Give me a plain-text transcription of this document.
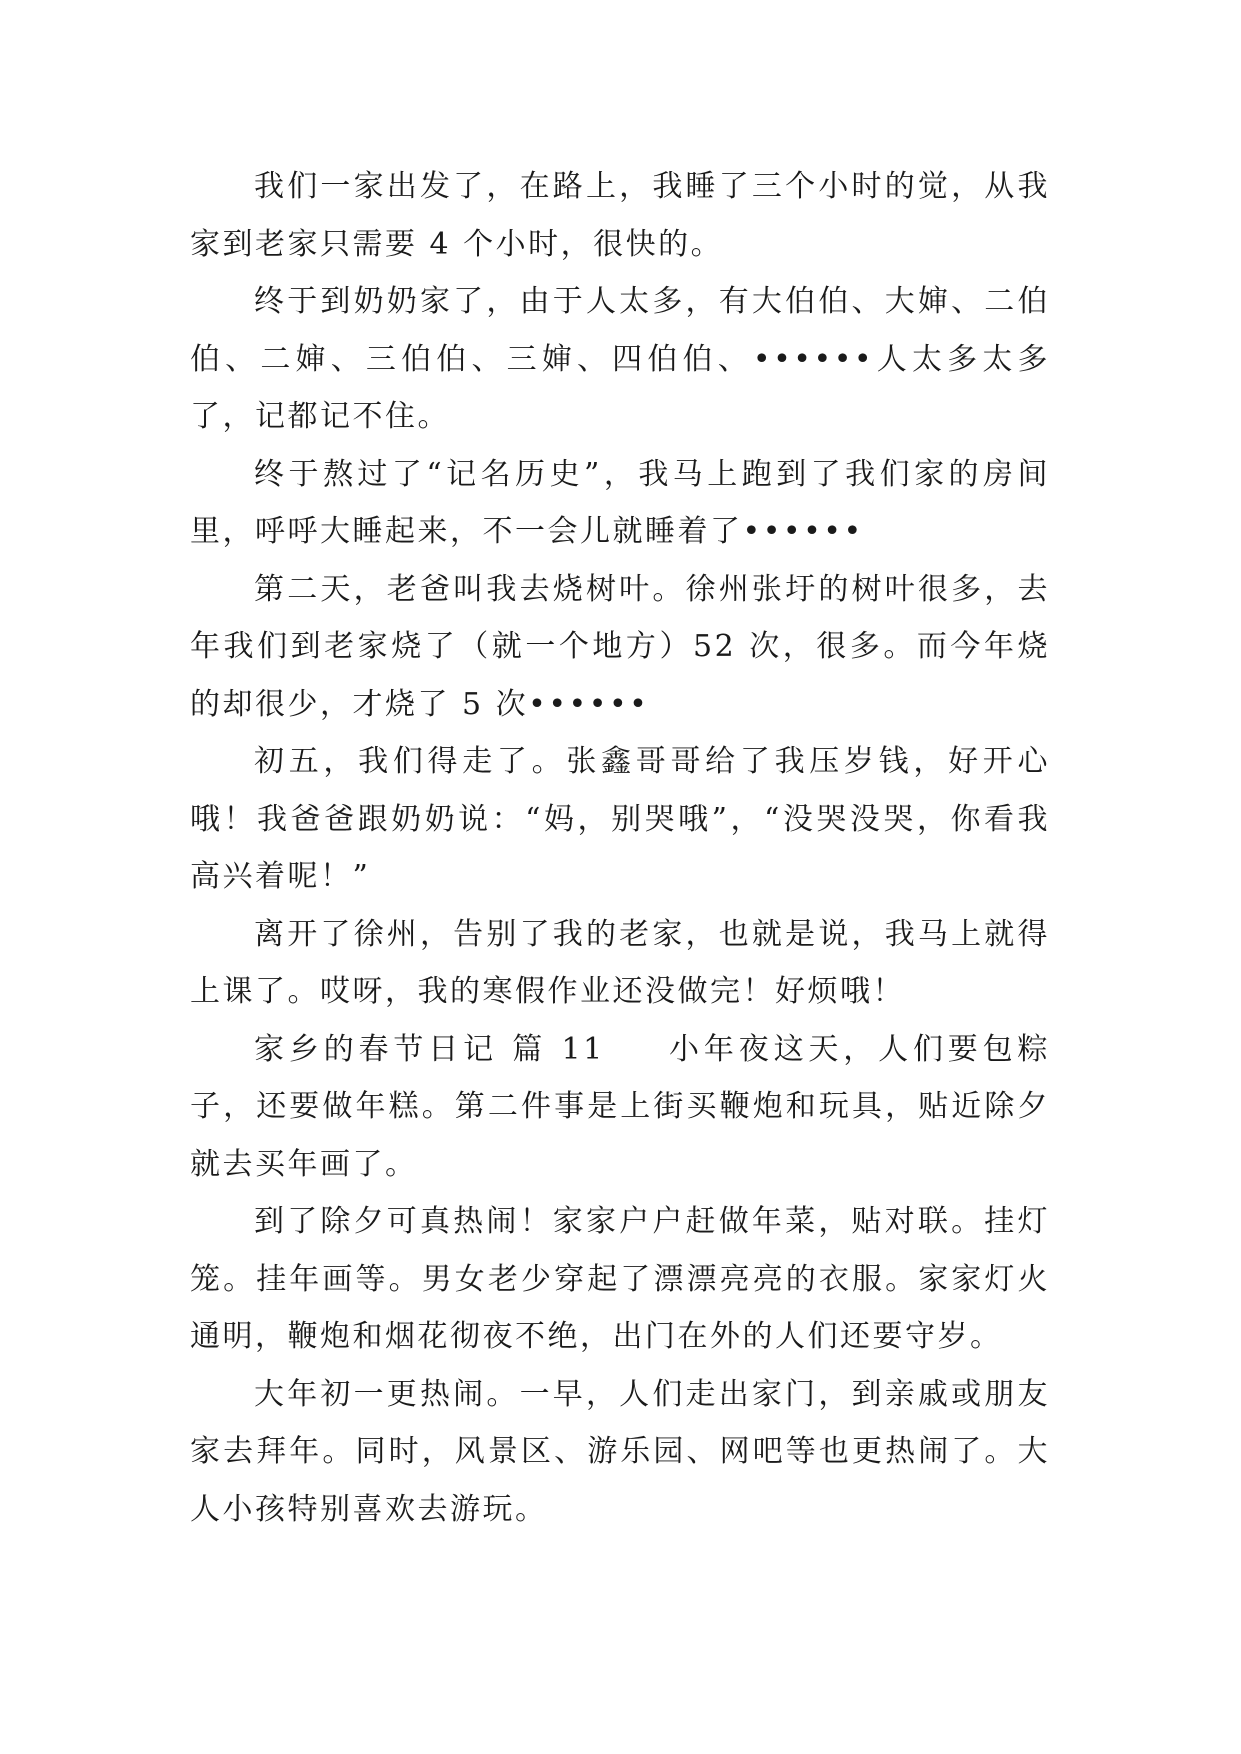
我们一家出发了，在路上，我睡了三个小时的觉，从我家到老家只需要 4 个小时，很快的。

终于到奶奶家了，由于人太多，有大伯伯、大婶、二伯伯、二婶、三伯伯、三婶、四伯伯、••••••人太多太多了，记都记不住。

终于熬过了“记名历史”，我马上跑到了我们家的房间里，呼呼大睡起来，不一会儿就睡着了••••••

第二天，老爸叫我去烧树叶。徐州张圩的树叶很多，去年我们到老家烧了（就一个地方）52 次，很多。而今年烧的却很少，才烧了 5 次••••••

初五，我们得走了。张鑫哥哥给了我压岁钱，好开心哦！我爸爸跟奶奶说：“妈，别哭哦”，“没哭没哭，你看我高兴着呢！”

离开了徐州，告别了我的老家，也就是说，我马上就得上课了。哎呀，我的寒假作业还没做完！好烦哦！

家乡的春节日记 篇 11 小年夜这天，人们要包粽子，还要做年糕。第二件事是上街买鞭炮和玩具，贴近除夕就去买年画了。

到了除夕可真热闹！家家户户赶做年菜，贴对联。挂灯笼。挂年画等。男女老少穿起了漂漂亮亮的衣服。家家灯火通明，鞭炮和烟花彻夜不绝，出门在外的人们还要守岁。

大年初一更热闹。一早，人们走出家门，到亲戚或朋友家去拜年。同时，风景区、游乐园、网吧等也更热闹了。大人小孩特别喜欢去游玩。
